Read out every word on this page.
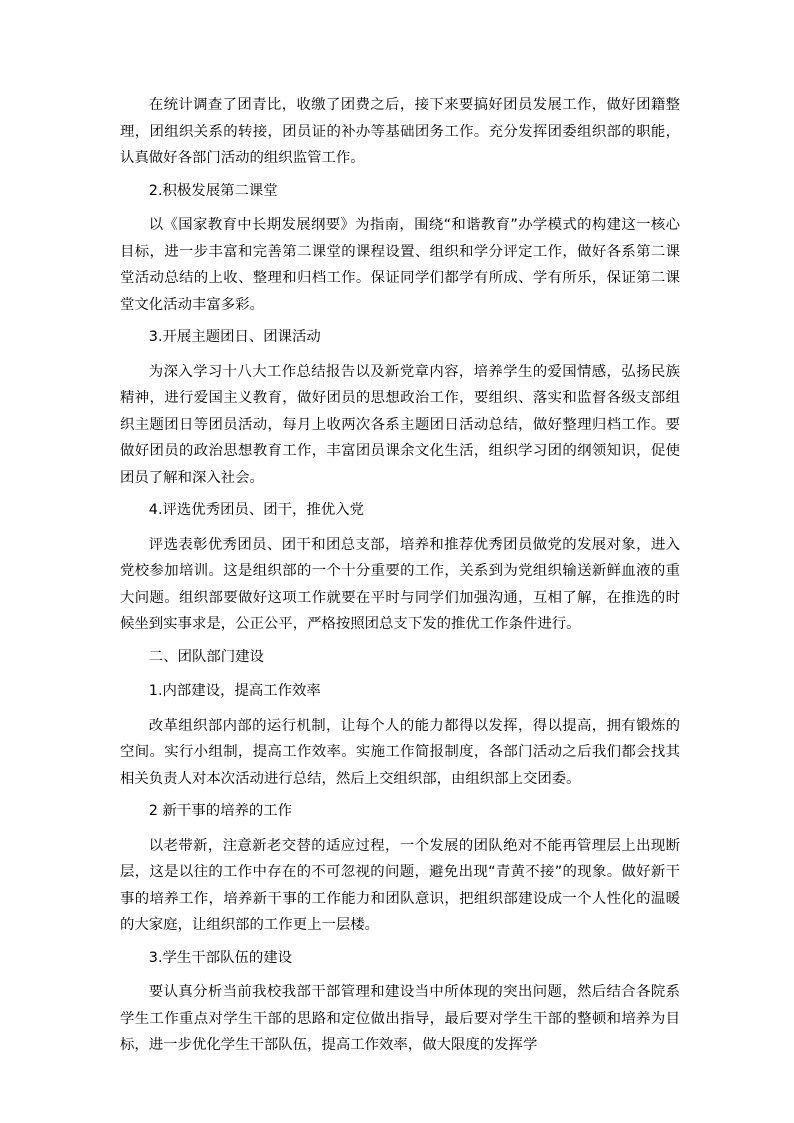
在统计调查了团青比，收缴了团费之后，接下来要搞好团员发展工作，做好团籍整理，团组织关系的转接，团员证的补办等基础团务工作。充分发挥团委组织部的职能，认真做好各部门活动的组织监管工作。

2.积极发展第二课堂

以《国家教育中长期发展纲要》为指南，围绕“和谐教育”办学模式的构建这一核心目标，进一步丰富和完善第二课堂的课程设置、组织和学分评定工作，做好各系第二课堂活动总结的上收、整理和归档工作。保证同学们都学有所成、学有所乐，保证第二课堂文化活动丰富多彩。

3.开展主题团日、团课活动

为深入学习十八大工作总结报告以及新党章内容，培养学生的爱国情感，弘扬民族精神，进行爱国主义教育，做好团员的思想政治工作，要组织、落实和监督各级支部组织主题团日等团员活动，每月上收两次各系主题团日活动总结，做好整理归档工作。要做好团员的政治思想教育工作，丰富团员课余文化生活，组织学习团的纲领知识，促使团员了解和深入社会。

4.评选优秀团员、团干，推优入党

评选表彰优秀团员、团干和团总支部，培养和推荐优秀团员做党的发展对象，进入党校参加培训。这是组织部的一个十分重要的工作，关系到为党组织输送新鲜血液的重大问题。组织部要做好这项工作就要在平时与同学们加强沟通，互相了解，在推选的时候坐到实事求是，公正公平，严格按照团总支下发的推优工作条件进行。

二、团队部门建设

1.内部建设，提高工作效率

改革组织部内部的运行机制，让每个人的能力都得以发挥，得以提高，拥有锻炼的空间。实行小组制，提高工作效率。实施工作简报制度，各部门活动之后我们都会找其相关负责人对本次活动进行总结，然后上交组织部，由组织部上交团委。

2 新干事的培养的工作

以老带新，注意新老交替的适应过程，一个发展的团队绝对不能再管理层上出现断层，这是以往的工作中存在的不可忽视的问题，避免出现“青黄不接”的现象。做好新干事的培养工作，培养新干事的工作能力和团队意识，把组织部建设成一个人性化的温暖的大家庭，让组织部的工作更上一层楼。

3.学生干部队伍的建设

要认真分析当前我校我部干部管理和建设当中所体现的突出问题，然后结合各院系学生工作重点对学生干部的思路和定位做出指导，最后要对学生干部的整顿和培养为目标，进一步优化学生干部队伍，提高工作效率，做大限度的发挥学
